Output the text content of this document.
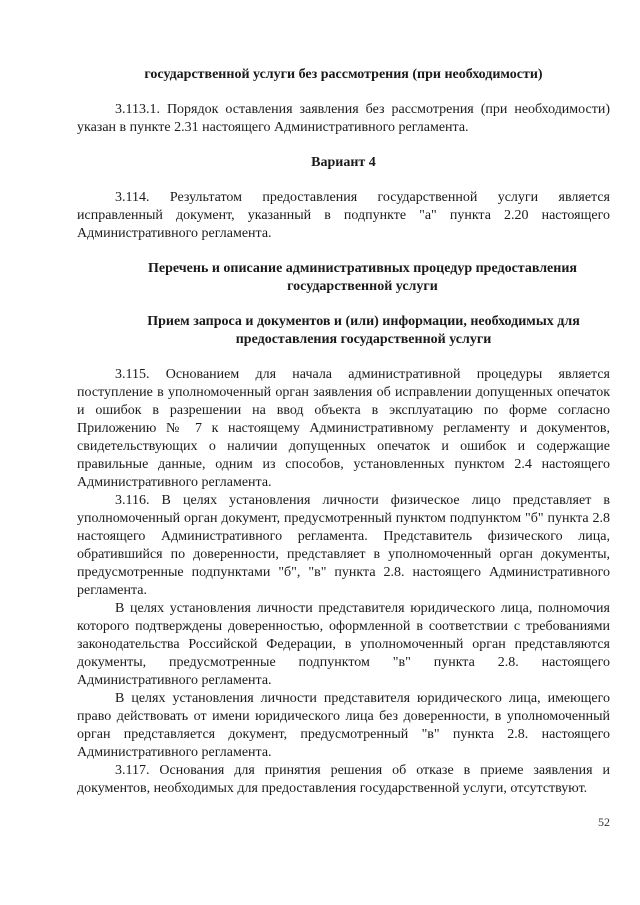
государственной услуги без рассмотрения (при необходимости)

3.113.1. Порядок оставления заявления без рассмотрения (при необходимости) указан в пункте 2.31 настоящего Административного регламента.

Вариант 4

3.114. Результатом предоставления государственной услуги является исправленный документ, указанный в подпункте "а" пункта 2.20 настоящего Административного регламента.

Перечень и описание административных процедур предоставления государственной услуги

Прием запроса и документов и (или) информации, необходимых для предоставления государственной услуги

3.115. Основанием для начала административной процедуры является поступление в уполномоченный орган заявления об исправлении допущенных опечаток и ошибок в разрешении на ввод объекта в эксплуатацию по форме согласно Приложению № 7 к настоящему Административному регламенту и документов, свидетельствующих о наличии допущенных опечаток и ошибок и содержащие правильные данные, одним из способов, установленных пунктом 2.4 настоящего Административного регламента.

3.116. В целях установления личности физическое лицо представляет в уполномоченный орган документ, предусмотренный пунктом подпунктом "б" пункта 2.8 настоящего Административного регламента. Представитель физического лица, обратившийся по доверенности, представляет в уполномоченный орган документы, предусмотренные подпунктами "б", "в" пункта 2.8. настоящего Административного регламента.

В целях установления личности представителя юридического лица, полномочия которого подтверждены доверенностью, оформленной в соответствии с требованиями законодательства Российской Федерации, в уполномоченный орган представляются документы, предусмотренные подпунктом "в" пункта 2.8. настоящего Административного регламента.

В целях установления личности представителя юридического лица, имеющего право действовать от имени юридического лица без доверенности, в уполномоченный орган представляется документ, предусмотренный "в" пункта 2.8. настоящего Административного регламента.

3.117. Основания для принятия решения об отказе в приеме заявления и документов, необходимых для предоставления государственной услуги, отсутствуют.

52
